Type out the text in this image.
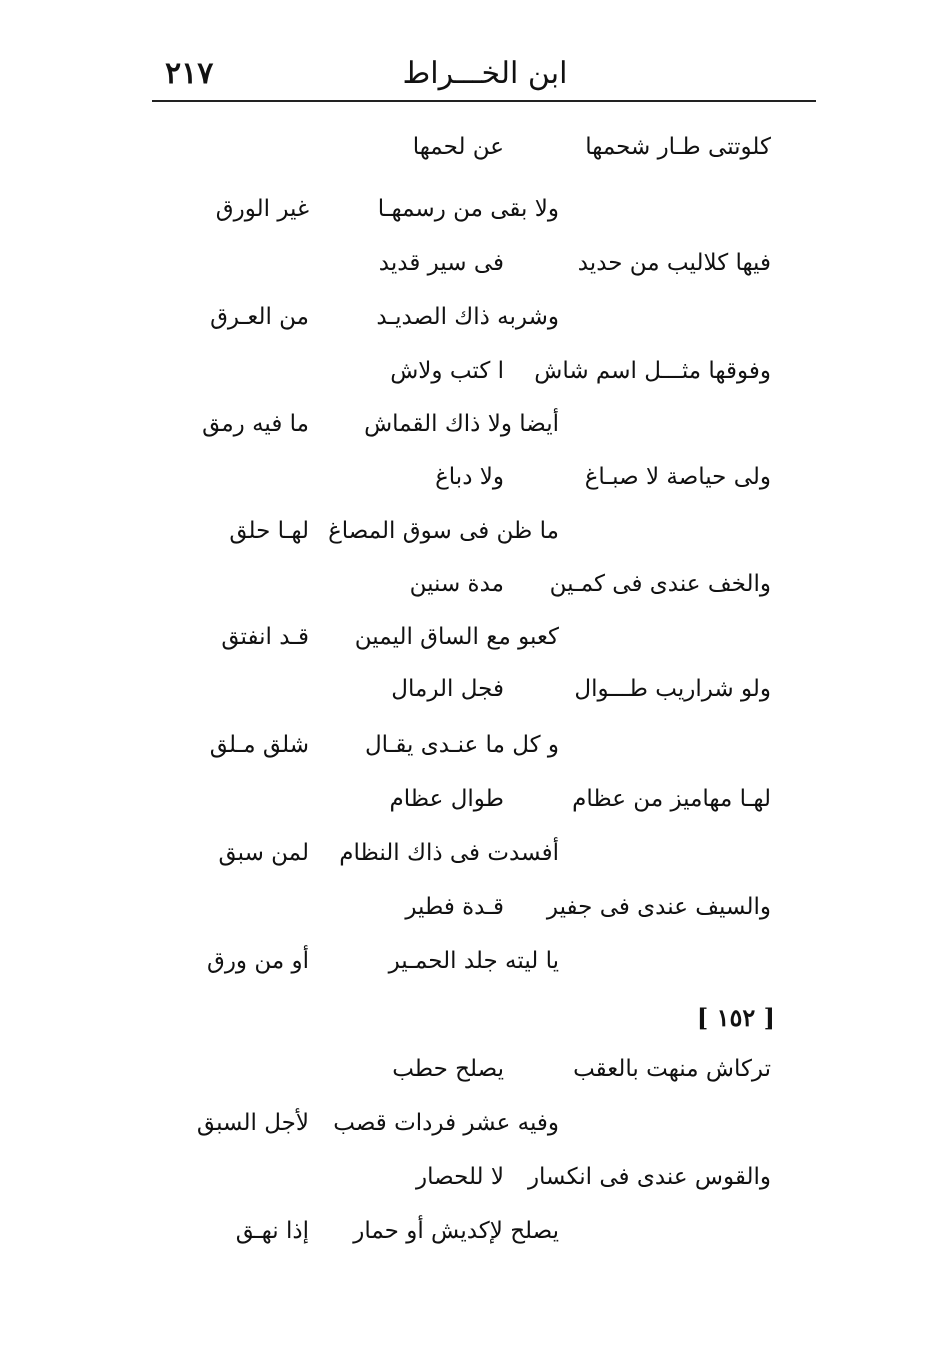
٢١٧	ابن الخـــراط
كلوتتى طـار شحمها
عن لحمها
ولا بقى من رسمهـا
غير الورق
فيها كلاليب من حديد
فى سير قديد
وشربه ذاك الصديـد
من العـرق
وفوقها مثـــل اسم شاش
ا كتب ولاش
أيضا ولا ذاك القماش
ما فيه رمق
ولى حياصة لا صبـاغ
ولا دباغ
ما ظن فى سوق المصاغ
لهـا حلق
والخف عندى فى كمـين
مدة سنين
كعبو مع الساق اليمين
قـد انفتق
ولو شراريب طـــوال
فجل الرمال
و كل ما عنـدى يقـال
شلق مـلق
لهـا مهاميز من عظام
طوال عظام
أفسدت فى ذاك النظام
لمن سبق
والسيف عندى فى جفير
قـدة فطير
يا ليته جلد الحمـير
أو من ورق
تركاش منهت بالعقب
يصلح حطب
وفيه عشر فردات قصب
لأجل السبق
والقوس عندى فى انكسار
لا للحصار
يصلح لإكديش أو حمار
إذا نهـق
[ ١٥٢ ]
